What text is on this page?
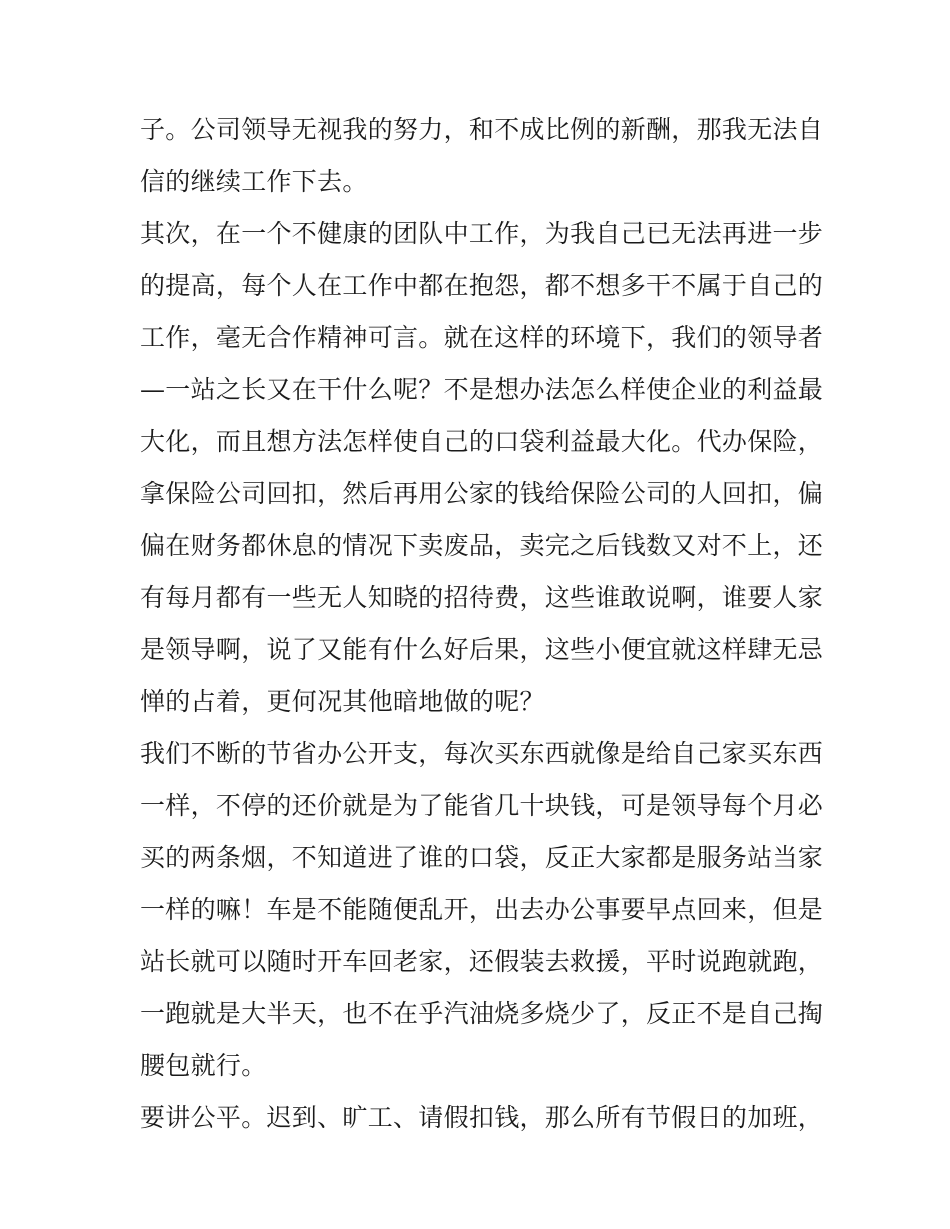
子。公司领导无视我的努力，和不成比例的新酬，那我无法自
信的继续工作下去。
其次，在一个不健康的团队中工作，为我自己已无法再进一步
的提高，每个人在工作中都在抱怨，都不想多干不属于自己的
工作，毫无合作精神可言。就在这样的环境下，我们的领导者
—一站之长又在干什么呢？不是想办法怎么样使企业的利益最
大化，而且想方法怎样使自己的口袋利益最大化。代办保险，
拿保险公司回扣，然后再用公家的钱给保险公司的人回扣，偏
偏在财务都休息的情况下卖废品，卖完之后钱数又对不上，还
有每月都有一些无人知晓的招待费，这些谁敢说啊，谁要人家
是领导啊，说了又能有什么好后果，这些小便宜就这样肆无忌
惮的占着，更何况其他暗地做的呢？
我们不断的节省办公开支，每次买东西就像是给自己家买东西
一样，不停的还价就是为了能省几十块钱，可是领导每个月必
买的两条烟，不知道进了谁的口袋，反正大家都是服务站当家
一样的嘛！车是不能随便乱开，出去办公事要早点回来，但是
站长就可以随时开车回老家，还假装去救援，平时说跑就跑，
一跑就是大半天，也不在乎汽油烧多烧少了，反正不是自己掏
腰包就行。
要讲公平。迟到、旷工、请假扣钱，那么所有节假日的加班，
